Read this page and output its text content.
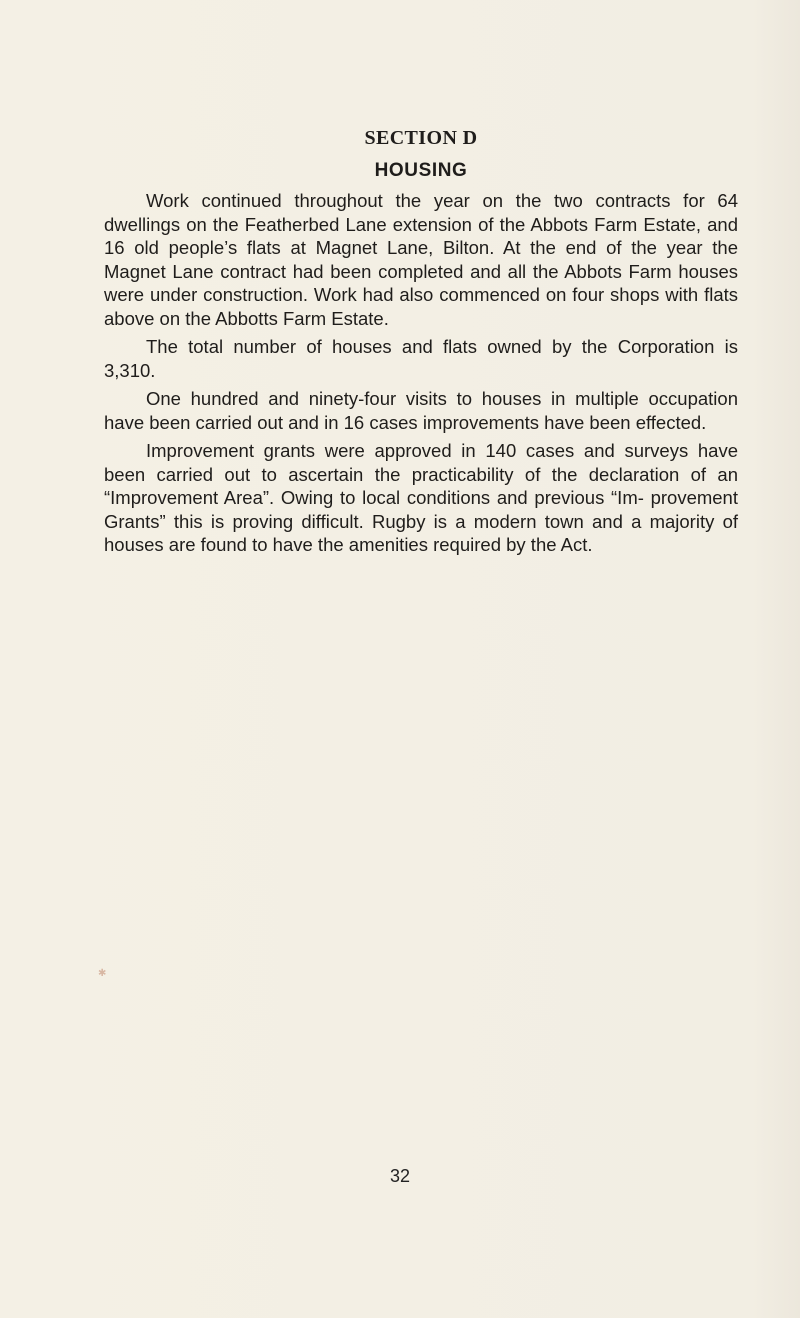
SECTION D
HOUSING

Work continued throughout the year on the two contracts for 64 dwellings on the Featherbed Lane extension of the Abbots Farm Estate, and 16 old people’s flats at Magnet Lane, Bilton. At the end of the year the Magnet Lane contract had been completed and all the Abbots Farm houses were under construction. Work had also commenced on four shops with flats above on the Abbotts Farm Estate.

The total number of houses and flats owned by the Corporation is 3,310.

One hundred and ninety-four visits to houses in multiple occupation have been carried out and in 16 cases improvements have been effected.

Improvement grants were approved in 140 cases and surveys have been carried out to ascertain the practicability of the declaration of an “Improvement Area”. Owing to local conditions and previous “Im- provement Grants” this is proving difficult. Rugby is a modern town and a majority of houses are found to have the amenities required by the Act.

✱
32
